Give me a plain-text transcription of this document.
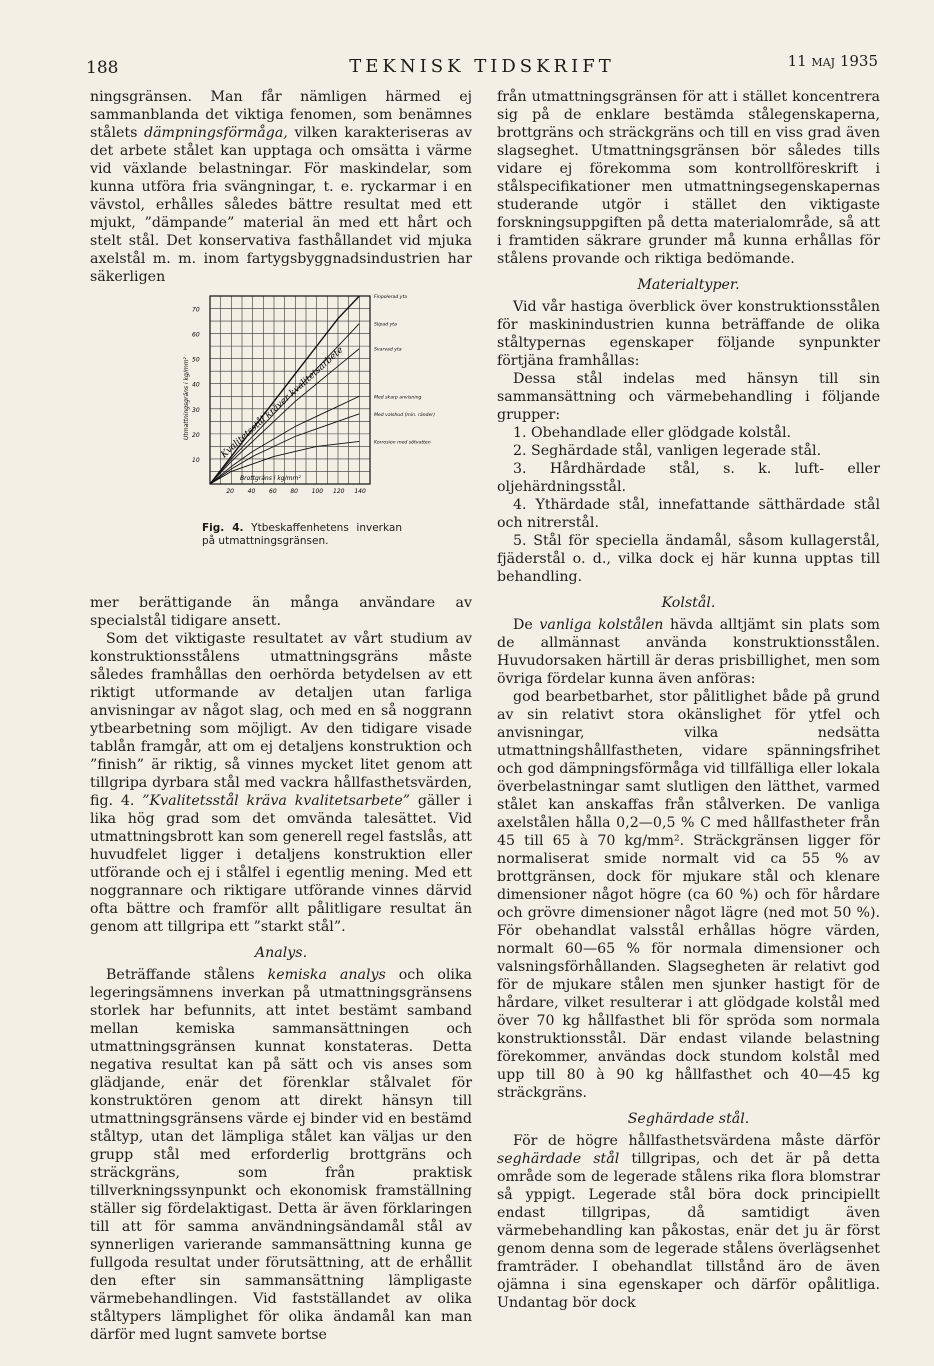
188	TEKNISK TIDSKRIFT	11 maj 1935

ningsgränsen. Man får nämligen härmed ej sammanblanda det viktiga fenomen, som benämnes stålets dämpningsförmåga, vilken karakteriseras av det arbete stålet kan upptaga och omsätta i värme vid växlande belastningar. För maskindelar, som kunna utföra fria svängningar, t. e. ryckarmar i en vävstol, erhålles således bättre resultat med ett mjukt, ”dämpande” material än med ett hårt och stelt stål. Det konservativa fasthållandet vid mjuka axelstål m. m. inom fartygsbyggnadsindustrien har säkerligen

10
20
30
40
50
60
70
20 40 60 80 100 120 140
Finpolerad yta
Slipad yta
Svarvad yta
Med skarp anvisning
Med valshud (min. ränder)
Korrosion med sötvatten
Utmattningsgräns i kg/mm²
Brottgräns i kg/mm²
Kvalitetsstål kräver kvalitetsarbete
Fig. 4. Ytbeskaffenhetens inverkan på utmattningsgränsen.

mer berättigande än många användare av specialstål tidigare ansett.

Som det viktigaste resultatet av vårt studium av konstruktionsstålens utmattningsgräns måste således framhållas den oerhörda betydelsen av ett riktigt utformande av detaljen utan farliga anvisningar av något slag, och med en så noggrann ytbearbetning som möjligt. Av den tidigare visade tablån framgår, att om ej detaljens konstruktion och ”finish” är riktig, så vinnes mycket litet genom att tillgripa dyrbara stål med vackra hållfasthetsvärden, fig. 4. ”Kvalitetsstål kräva kvalitetsarbete” gäller i lika hög grad som det omvända talesättet. Vid utmattningsbrott kan som generell regel fastslås, att huvudfelet ligger i detaljens konstruktion eller utförande och ej i stålfel i egentlig mening. Med ett noggrannare och riktigare utförande vinnes därvid ofta bättre och framför allt pålitligare resultat än genom att tillgripa ett ”starkt stål”.

Analys.

Beträffande stålens kemiska analys och olika legeringsämnens inverkan på utmattningsgränsens storlek har befunnits, att intet bestämt samband mellan kemiska sammansättningen och utmattningsgränsen kunnat konstateras. Detta negativa resultat kan på sätt och vis anses som glädjande, enär det förenklar stålvalet för konstruktören genom att direkt hänsyn till utmattningsgränsens värde ej binder vid en bestämd ståltyp, utan det lämpliga stålet kan väljas ur den grupp stål med erforderlig brottgräns och sträckgräns, som från praktisk tillverkningssynpunkt och ekonomisk framställning ställer sig fördelaktigast. Detta är även förklaringen till att för samma användningsändamål stål av synnerligen varierande sammansättning kunna ge fullgoda resultat under förutsättning, att de erhållit den efter sin sammansättning lämpligaste värmebehandlingen. Vid fastställandet av olika ståltypers lämplighet för olika ändamål kan man därför med lugnt samvete bortse

från utmattningsgränsen för att i stället koncentrera sig på de enklare bestämda stålegenskaperna, brottgräns och sträckgräns och till en viss grad även slagseghet. Utmattningsgränsen bör således tills vidare ej förekomma som kontrollföreskrift i stålspecifikationer men utmattningsegenskapernas studerande utgör i stället den viktigaste forskningsuppgiften på detta materialområde, så att i framtiden säkrare grunder må kunna erhållas för stålens provande och riktiga bedömande.

Materialtyper.

Vid vår hastiga överblick över konstruktionsstålen för maskinindustrien kunna beträffande de olika ståltypernas egenskaper följande synpunkter förtjäna framhållas:

Dessa stål indelas med hänsyn till sin sammansättning och värmebehandling i följande grupper:

1. Obehandlade eller glödgade kolstål.

2. Seghärdade stål, vanligen legerade stål.

3. Hårdhärdade stål, s. k. luft- eller oljehärdningsstål.

4. Ythärdade stål, innefattande sätthärdade stål och nitrerstål.

5. Stål för speciella ändamål, såsom kullagerstål, fjäderstål o. d., vilka dock ej här kunna upptas till behandling.

Kolstål.

De vanliga kolstålen hävda alltjämt sin plats som de allmännast använda konstruktionsstålen. Huvudorsaken härtill är deras prisbillighet, men som övriga fördelar kunna även anföras:

god bearbetbarhet, stor pålitlighet både på grund av sin relativt stora okänslighet för ytfel och anvisningar, vilka nedsätta utmattningshållfastheten, vidare spänningsfrihet och god dämpningsförmåga vid tillfälliga eller lokala överbelastningar samt slutligen den lätthet, varmed stålet kan anskaffas från stålverken. De vanliga axelstålen hålla 0,2—0,5 % C med hållfastheter från 45 till 65 à 70 kg/mm². Sträckgränsen ligger för normaliserat smide normalt vid ca 55 % av brottgränsen, dock för mjukare stål och klenare dimensioner något högre (ca 60 %) och för hårdare och grövre dimensioner något lägre (ned mot 50 %). För obehandlat valsstål erhållas högre värden, normalt 60—65 % för normala dimensioner och valsningsförhållanden. Slagsegheten är relativt god för de mjukare stålen men sjunker hastigt för de hårdare, vilket resulterar i att glödgade kolstål med över 70 kg hållfasthet bli för spröda som normala konstruktionsstål. Där endast vilande belastning förekommer, användas dock stundom kolstål med upp till 80 à 90 kg hållfasthet och 40—45 kg sträckgräns.

Seghärdade stål.

För de högre hållfasthetsvärdena måste därför seghärdade stål tillgripas, och det är på detta område som de legerade stålens rika flora blomstrar så yppigt. Legerade stål böra dock principiellt endast tillgripas, då samtidigt även värmebehandling kan påkostas, enär det ju är först genom denna som de legerade stålens överlägsenhet framträder. I obehandlat tillstånd äro de även ojämna i sina egenskaper och därför opålitliga. Undantag bör dock
